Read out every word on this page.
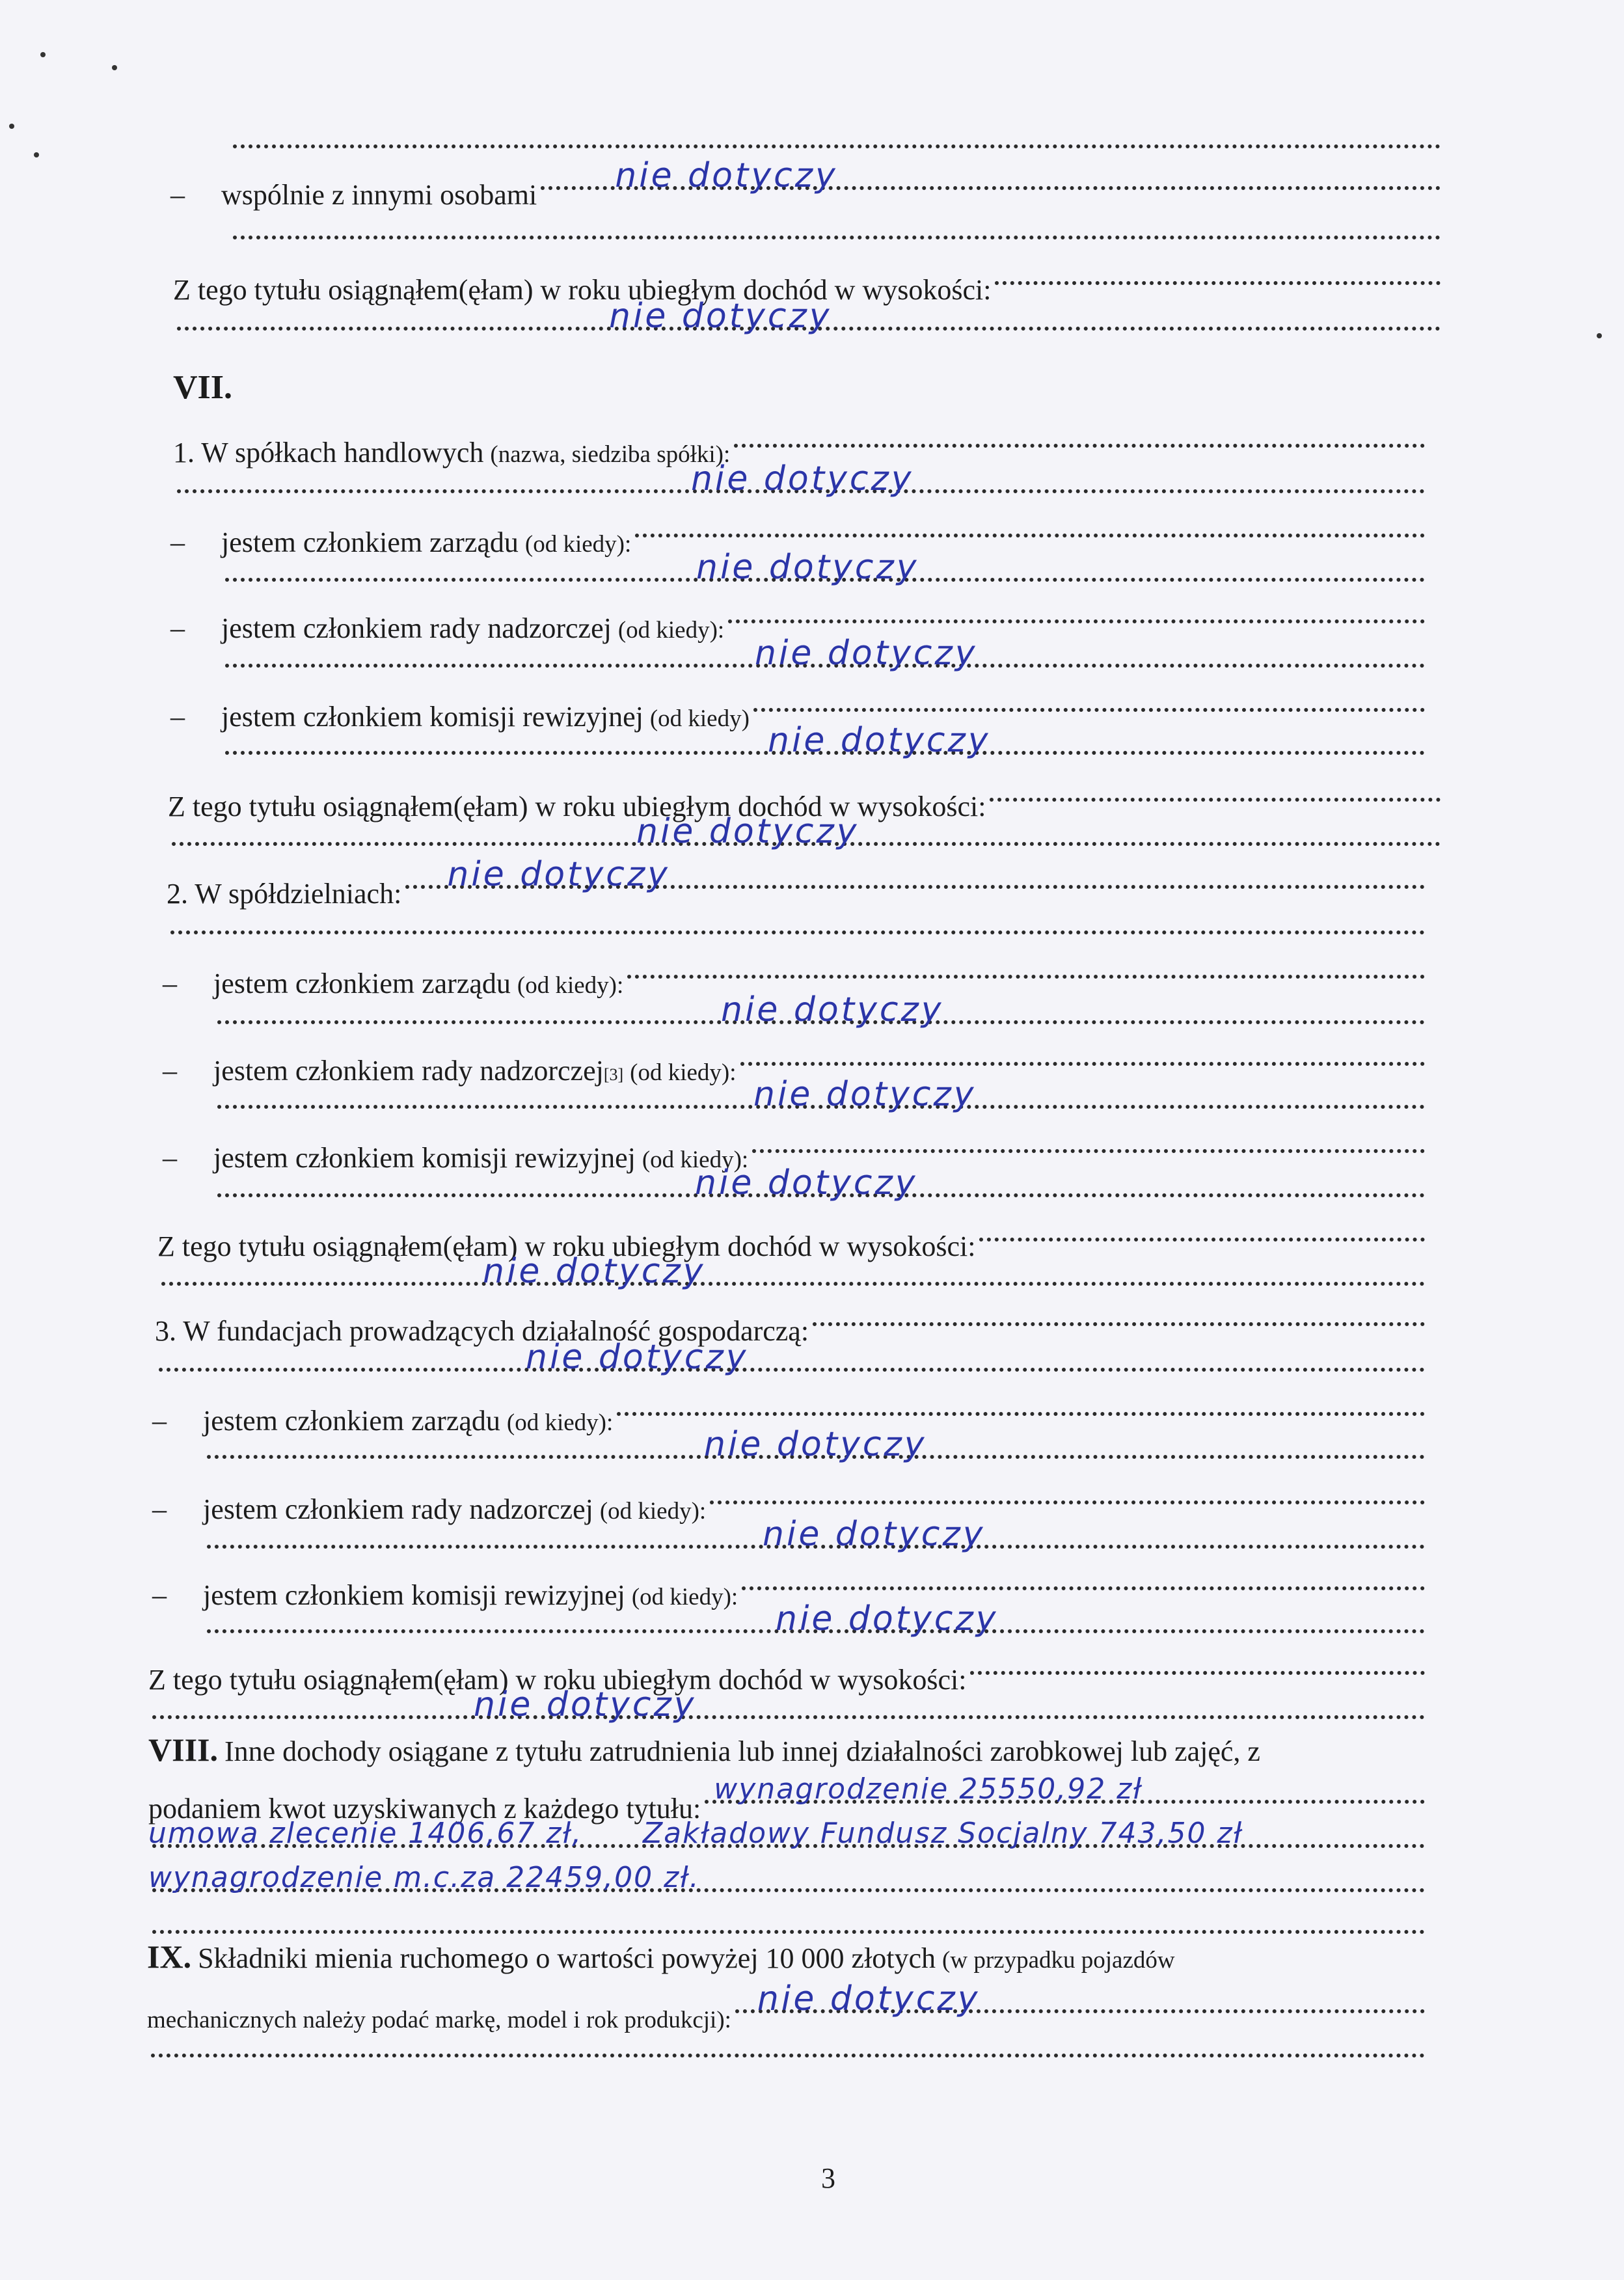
–	wspólnie z innymi osobami nie dotyczy
Z tego tytułu osiągnąłem(ęłam) w roku ubiegłym dochód w wysokości:
nie dotyczy
VII.
1. W spółkach handlowych (nazwa, siedziba spółki):
nie dotyczy
–	jestem członkiem zarządu (od kiedy):
nie dotyczy
–	jestem członkiem rady nadzorczej (od kiedy):
nie dotyczy
–	jestem członkiem komisji rewizyjnej (od kiedy)
nie dotyczy
Z tego tytułu osiągnąłem(ęłam) w roku ubiegłym dochód w wysokości:
nie dotyczy
2. W spółdzielniach: nie dotyczy
–	jestem członkiem zarządu (od kiedy):
nie dotyczy
–	jestem członkiem rady nadzorczej [3] (od kiedy):
nie dotyczy
–	jestem członkiem komisji rewizyjnej (od kiedy):
nie dotyczy
Z tego tytułu osiągnąłem(ęłam) w roku ubiegłym dochód w wysokości:
nie dotyczy
3. W fundacjach prowadzących działalność gospodarczą:
nie dotyczy
–	jestem członkiem zarządu (od kiedy):
nie dotyczy
–	jestem członkiem rady nadzorczej (od kiedy):
nie dotyczy
–	jestem członkiem komisji rewizyjnej (od kiedy):
nie dotyczy
Z tego tytułu osiągnąłem(ęłam) w roku ubiegłym dochód w wysokości:
nie dotyczy
VIII. Inne dochody osiągane z tytułu zatrudnienia lub innej działalności zarobkowej lub zajęć, z
podaniem kwot uzyskiwanych z każdego tytułu:
wynagrodzenie 25550,92 zł
umowa zlecenie 1406,67 zł, Zakładowy Fundusz Socjalny 743,50 zł
wynagrodzenie m.c.za 22459,00 zł.
IX. Składniki mienia ruchomego o wartości powyżej 10 000 złotych (w przypadku pojazdów
mechanicznych należy podać markę, model i rok produkcji):
nie dotyczy
3
